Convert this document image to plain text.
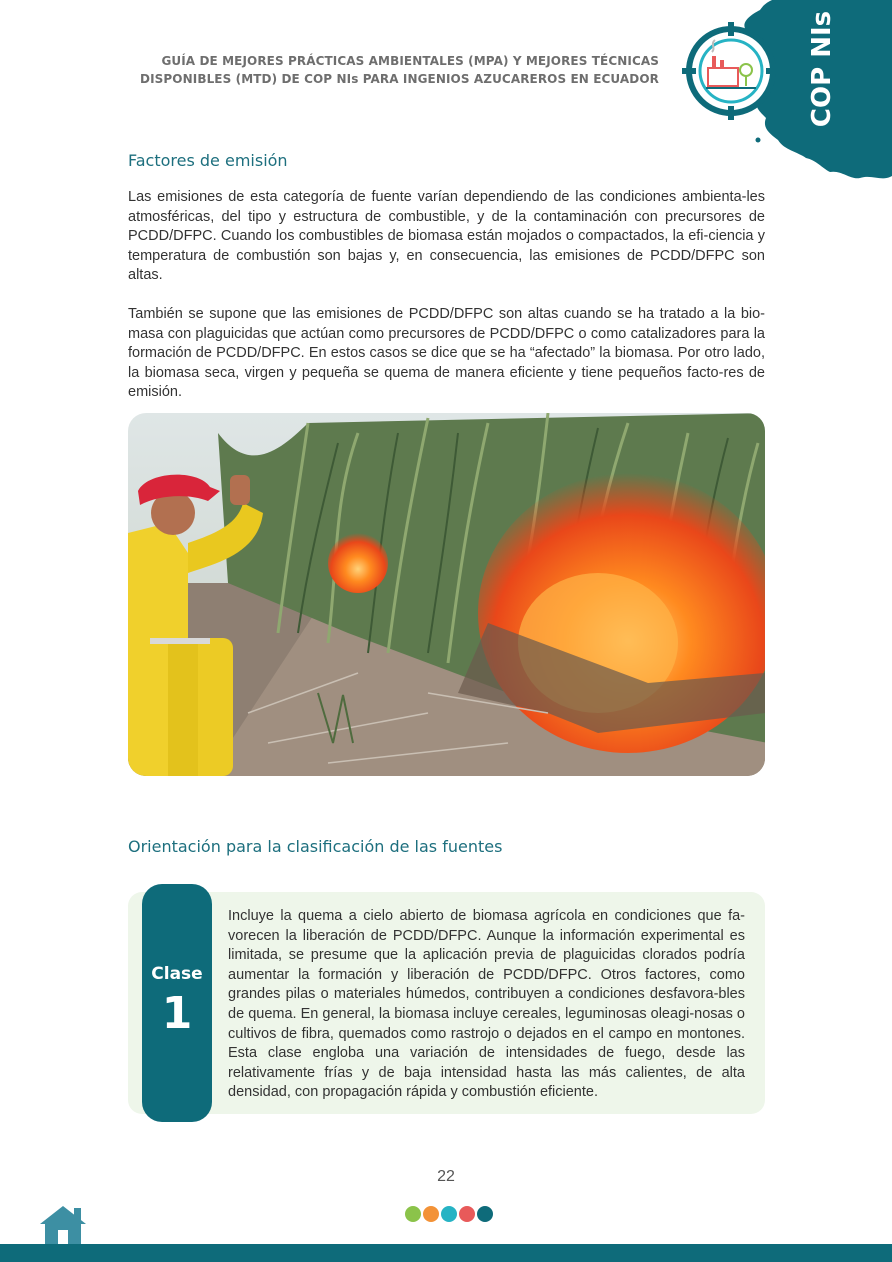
GUÍA DE MEJORES PRÁCTICAS AMBIENTALES (MPA) Y MEJORES TÉCNICAS
DISPONIBLES (MTD) DE COP NIs PARA INGENIOS AZUCAREROS EN ECUADOR	COP NIs
Factores de emisión

Las emisiones de esta categoría de fuente varían dependiendo de las condiciones ambienta-les atmosféricas, del tipo y estructura de combustible, y de la contaminación con precursores de PCDD/DFPC. Cuando los combustibles de biomasa están mojados o compactados, la efi-ciencia y temperatura de combustión son bajas y, en consecuencia, las emisiones de PCDD/DFPC son altas.

También se supone que las emisiones de PCDD/DFPC son altas cuando se ha tratado a la bio-masa con plaguicidas que actúan como precursores de PCDD/DFPC o como catalizadores para la formación de PCDD/DFPC. En estos casos se dice que se ha “afectado” la biomasa. Por otro lado, la biomasa seca, virgen y pequeña se quema de manera eficiente y tiene pequeños facto-res de emisión.

Orientación para la clasificación de las fuentes
Clase
1

Incluye la quema a cielo abierto de biomasa agrícola en condiciones que fa-vorecen la liberación de PCDD/DFPC. Aunque la información experimental es limitada, se presume que la aplicación previa de plaguicidas clorados podría aumentar la formación y liberación de PCDD/DFPC. Otros factores, como grandes pilas o materiales húmedos, contribuyen a condiciones desfavora-bles de quema. En general, la biomasa incluye cereales, leguminosas oleagi-nosas o cultivos de fibra, quemados como rastrojo o dejados en el campo en montones. Esta clase engloba una variación de intensidades de fuego, desde las relativamente frías y de baja intensidad hasta las más calientes, de alta densidad, con propagación rápida y combustión eficiente.

22
